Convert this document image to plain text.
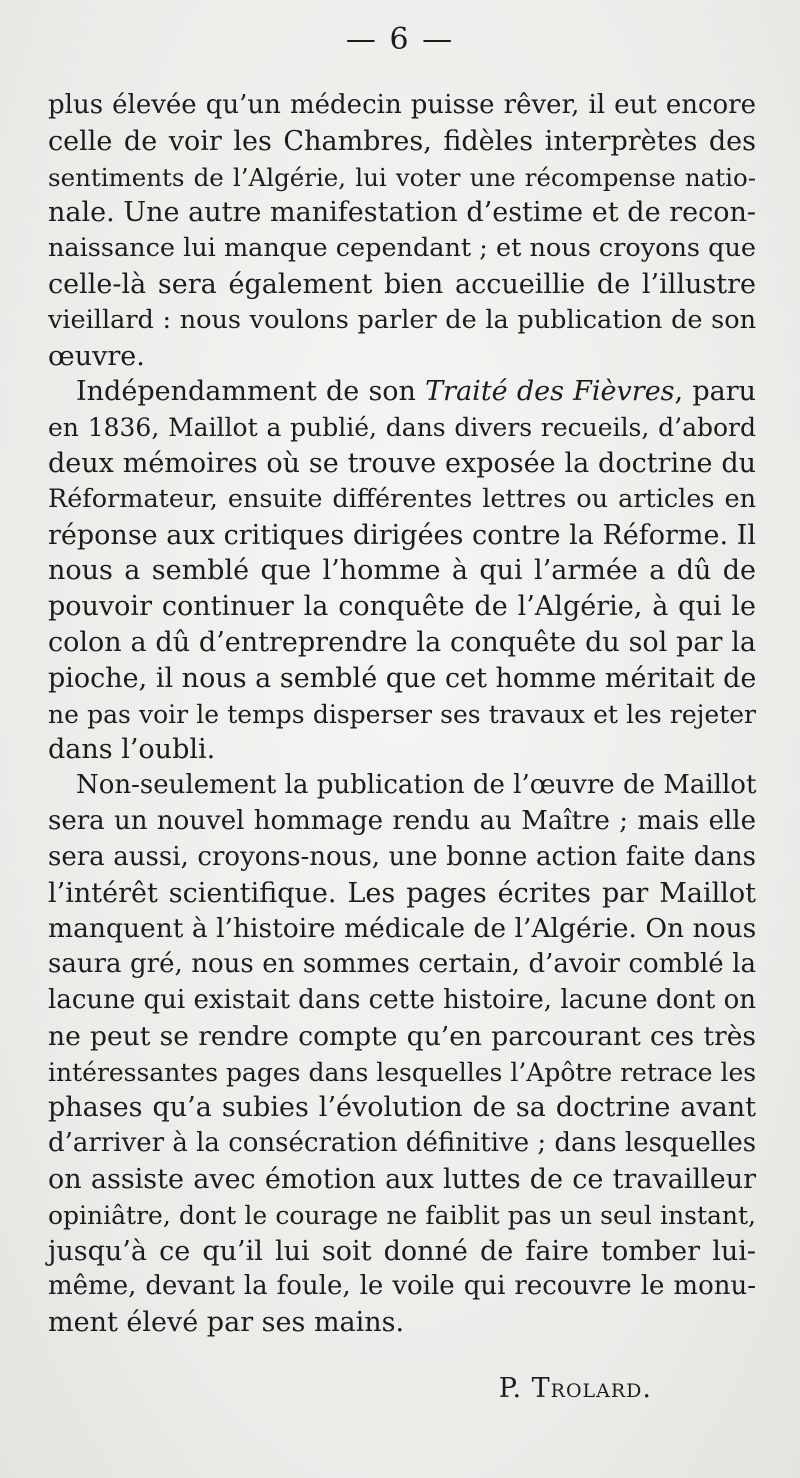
— 6 —
plus élevée qu’un médecin puisse rêver, il eut encore
celle de voir les Chambres, fidèles interprètes des
sentiments de l’Algérie, lui voter une récompense natio-
nale. Une autre manifestation d’estime et de recon-
naissance lui manque cependant ; et nous croyons que
celle-là sera également bien accueillie de l’illustre
vieillard : nous voulons parler de la publication de son
œuvre.
Indépendamment de son Traité des Fièvres, paru
en 1836, Maillot a publié, dans divers recueils, d’abord
deux mémoires où se trouve exposée la doctrine du
Réformateur, ensuite différentes lettres ou articles en
réponse aux critiques dirigées contre la Réforme. Il
nous a semblé que l’homme à qui l’armée a dû de
pouvoir continuer la conquête de l’Algérie, à qui le
colon a dû d’entreprendre la conquête du sol par la
pioche, il nous a semblé que cet homme méritait de
ne pas voir le temps disperser ses travaux et les rejeter
dans l’oubli.
Non-seulement la publication de l’œuvre de Maillot
sera un nouvel hommage rendu au Maître ; mais elle
sera aussi, croyons-nous, une bonne action faite dans
l’intérêt scientifique. Les pages écrites par Maillot
manquent à l’histoire médicale de l’Algérie. On nous
saura gré, nous en sommes certain, d’avoir comblé la
lacune qui existait dans cette histoire, lacune dont on
ne peut se rendre compte qu’en parcourant ces très
intéressantes pages dans lesquelles l’Apôtre retrace les
phases qu’a subies l’évolution de sa doctrine avant
d’arriver à la consécration définitive ; dans lesquelles
on assiste avec émotion aux luttes de ce travailleur
opiniâtre, dont le courage ne faiblit pas un seul instant,
jusqu’à ce qu’il lui soit donné de faire tomber lui-
même, devant la foule, le voile qui recouvre le monu-
ment élevé par ses mains.
P. Trolard.
